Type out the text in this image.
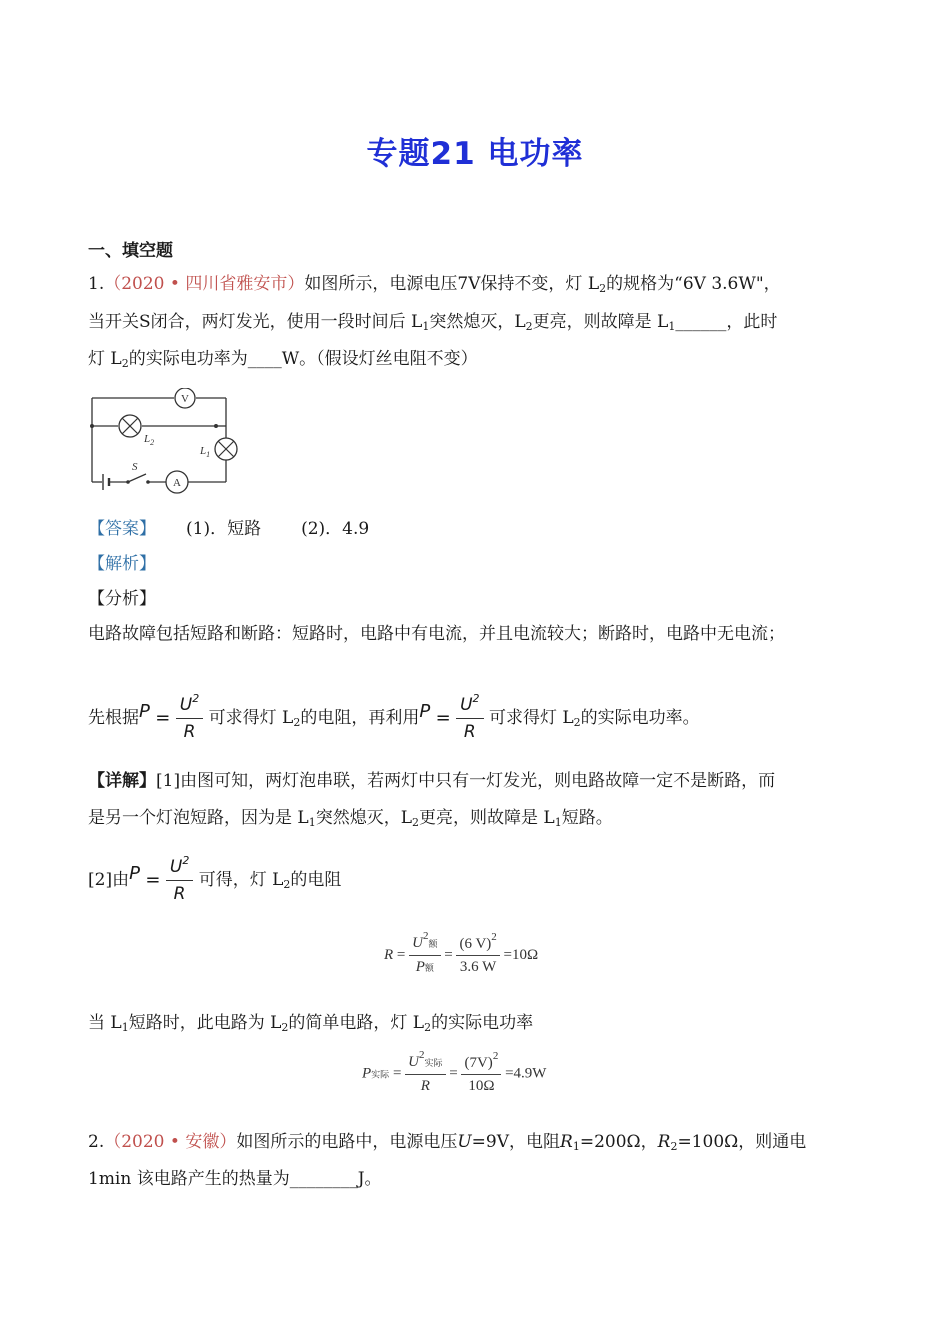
专题21 电功率
一、填空题
1.（2020 • 四川省雅安市）如图所示，电源电压7V保持不变，灯 $L_2$的规格为“6V 3.6W"，
当开关S闭合，两灯发光，使用一段时间后 $L_1$突然熄灭，$L_2$更亮，则故障是 $L_1\_\_\_\_\_\_$，此时
灯 $L_2$的实际电功率为____W。（假设灯丝电阻不变）
V
$L_2$
$L_1$
S
A
【答案】 (1)．短路 (2)．4.9
【解析】
【分析】
电路故障包括短路和断路：短路时，电路中有电流，并且电流较大；断路时，电路中无电流；
先根据$P = \frac{U^2}{R}$ 可求得灯 $L_2$的电阻，再利用$P = \frac{U^2}{R}$ 可求得灯 $L_2$的实际电功率。
【详解】[1]由图可知，两灯泡串联，若两灯中只有一灯发光，则电路故障一定不是断路，而
是另一个灯泡短路，因为是 $L_1$突然熄灭，$L_2$更亮，则故障是 $L_1$短路。
[2]由$P = \frac{U^2}{R}$ 可得，灯 $L_2$的电阻
R =
$U^2$额
P额
= $\frac{(6 V)^2}{3.6 W} =10\Omega$
当 $L_1$短路时，此电路为 $L_2$的简单电路，灯 $L_2$的实际电功率
P实际 =
$U^2$实际
R
= $\frac{(7V)^2}{10\Omega} =4.9W$
2.（2020 • 安徽）如图所示的电路中，电源电压U=9V，电阻$R_1=200\Omega$，$R_2=100\Omega$，则通电
1min 该电路产生的热量为________J。
